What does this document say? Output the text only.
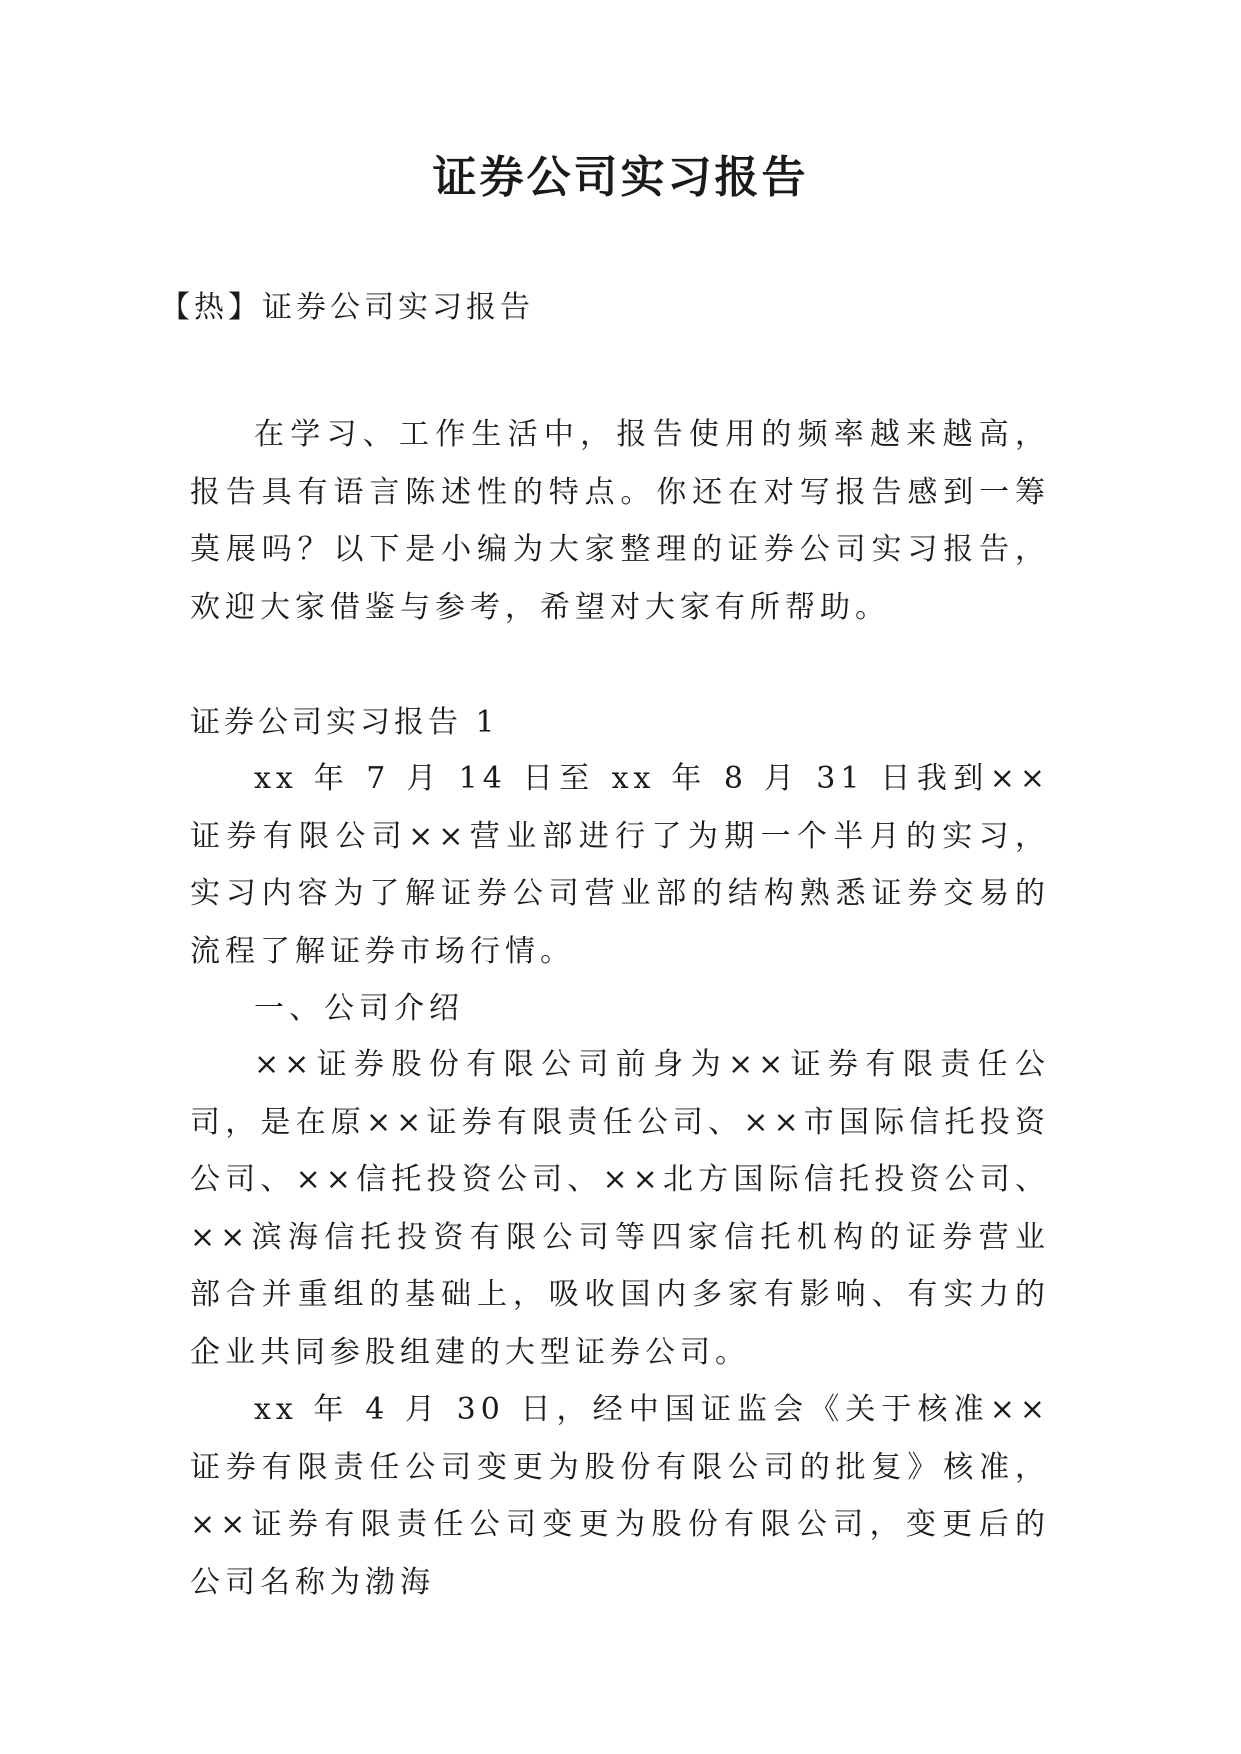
证券公司实习报告

【热】证券公司实习报告

在学习、工作生活中，报告使用的频率越来越高，报告具有语言陈述性的特点。你还在对写报告感到一筹莫展吗？以下是小编为大家整理的证券公司实习报告，欢迎大家借鉴与参考，希望对大家有所帮助。

证券公司实习报告 1

xx 年 7 月 14 日至 xx 年 8 月 31 日我到××证券有限公司××营业部进行了为期一个半月的实习，实习内容为了解证券公司营业部的结构熟悉证券交易的流程了解证券市场行情。

一、公司介绍

××证券股份有限公司前身为××证券有限责任公司，是在原××证券有限责任公司、××市国际信托投资公司、××信托投资公司、××北方国际信托投资公司、××滨海信托投资有限公司等四家信托机构的证券营业部合并重组的基础上，吸收国内多家有影响、有实力的企业共同参股组建的大型证券公司。

xx 年 4 月 30 日，经中国证监会《关于核准××证券有限责任公司变更为股份有限公司的批复》核准，××证券有限责任公司变更为股份有限公司，变更后的公司名称为渤海
